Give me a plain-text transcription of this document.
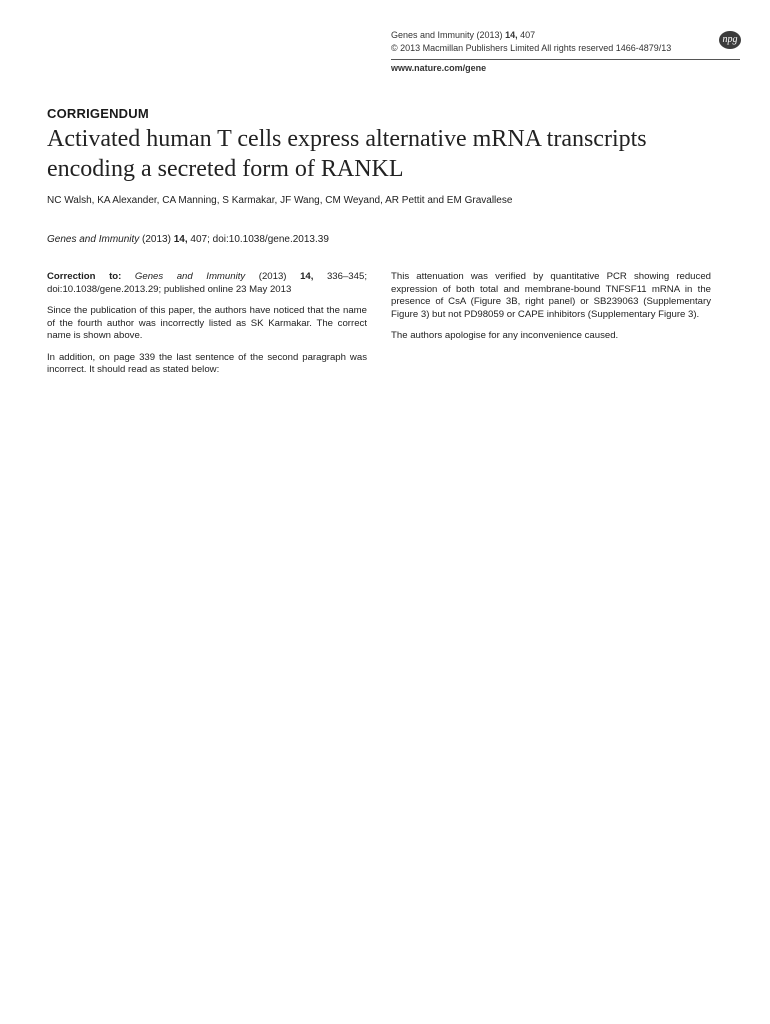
Genes and Immunity (2013) 14, 407
© 2013 Macmillan Publishers Limited All rights reserved 1466-4879/13
www.nature.com/gene
npg
CORRIGENDUM
Activated human T cells express alternative mRNA transcripts encoding a secreted form of RANKL
NC Walsh, KA Alexander, CA Manning, S Karmakar, JF Wang, CM Weyand, AR Pettit and EM Gravallese
Genes and Immunity (2013) 14, 407; doi:10.1038/gene.2013.39

Correction to: Genes and Immunity (2013) 14, 336–345; doi:10.1038/gene.2013.29; published online 23 May 2013

Since the publication of this paper, the authors have noticed that the name of the fourth author was incorrectly listed as SK Karmakar. The correct name is shown above.

In addition, on page 339 the last sentence of the second paragraph was incorrect. It should read as stated below:

This attenuation was verified by quantitative PCR showing reduced expression of both total and membrane-bound TNFSF11 mRNA in the presence of CsA (Figure 3B, right panel) or SB239063 (Supplementary Figure 3) but not PD98059 or CAPE inhibitors (Supplementary Figure 3).

The authors apologise for any inconvenience caused.
